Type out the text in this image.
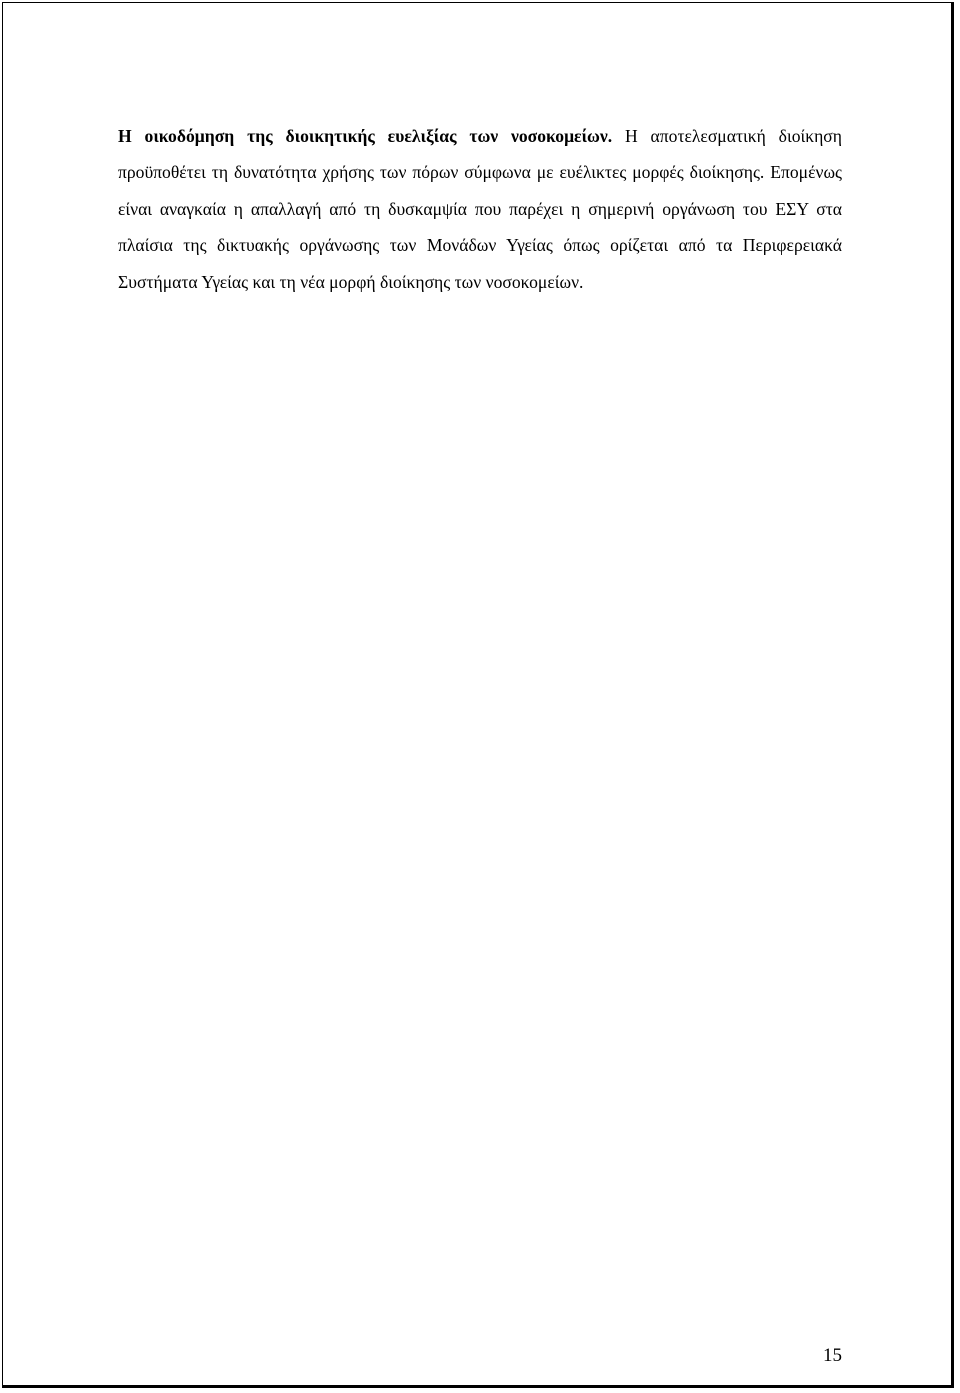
Η οικοδόμηση της διοικητικής ευελιξίας των νοσοκομείων. Η αποτελεσματική διοίκηση προϋποθέτει τη δυνατότητα χρήσης των πόρων σύμφωνα με ευέλικτες μορφές διοίκησης. Επομένως είναι αναγκαία η απαλλαγή από τη δυσκαμψία που παρέχει η σημερινή οργάνωση του ΕΣΥ στα πλαίσια της δικτυακής οργάνωσης των Μονάδων Υγείας όπως ορίζεται από τα Περιφερειακά Συστήματα Υγείας και τη νέα μορφή διοίκησης των νοσοκομείων.

15
